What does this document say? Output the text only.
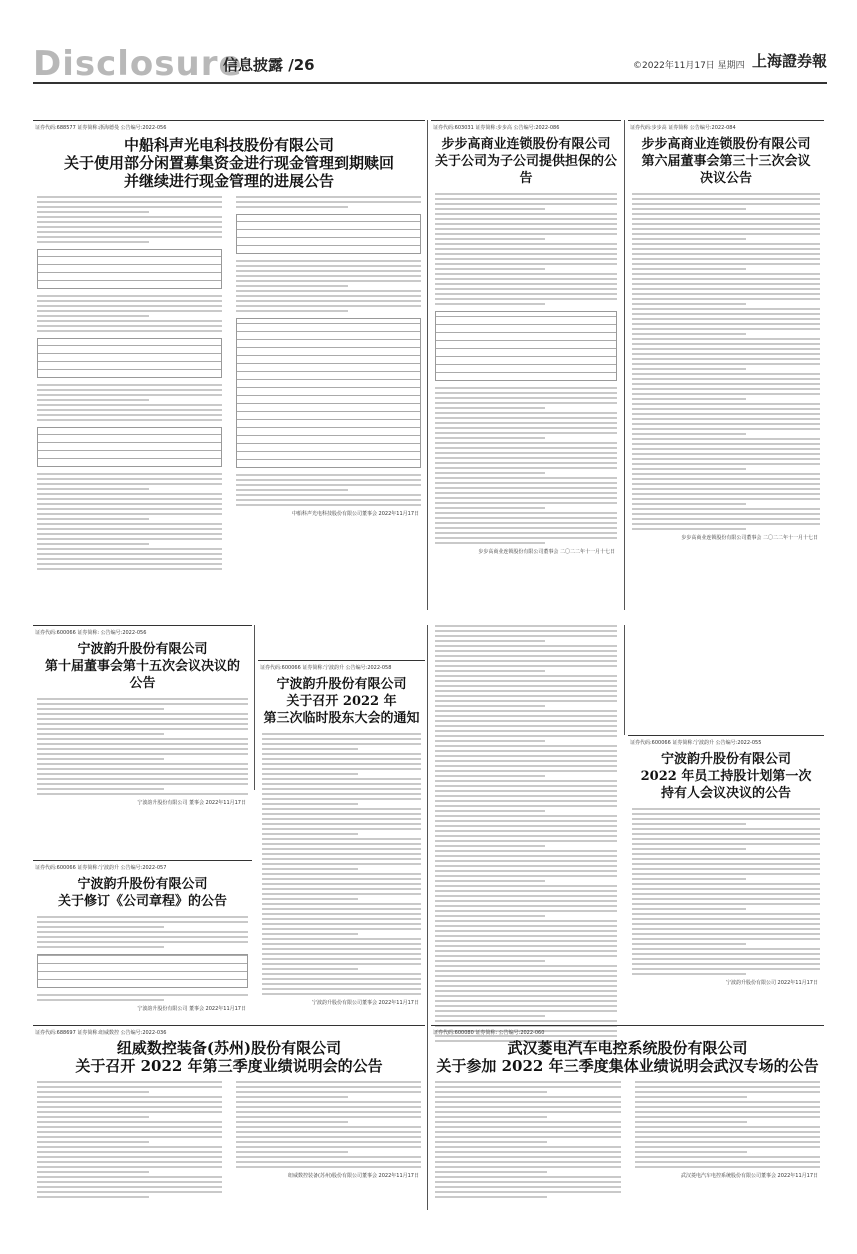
Disclosure
信息披露 /26	©2022年11月17日 星期四 上海證券報
证券代码:688577 证券简称:浙海德曼 公告编号:2022-056
中船科声光电科技股份有限公司
关于使用部分闲置募集资金进行现金管理到期赎回
并继续进行现金管理的进展公告
中船科声光电科技股份有限公司董事会 2022年11月17日
证券代码:603031 证券简称:步步高 公告编号:2022-086
步步高商业连锁股份有限公司
关于公司为子公司提供担保的公告
步步高商业连锁股份有限公司董事会 二〇二二年十一月十七日
证券代码:步步高 证券简称 公告编号:2022-084
步步高商业连锁股份有限公司
第六届董事会第三十三次会议
决议公告
步步高商业连锁股份有限公司董事会 二〇二二年十一月十七日
证券代码:600066 证券简称: 公告编号:2022-056
宁波韵升股份有限公司
第十届董事会第十五次会议决议的
公告
宁波韵升股份有限公司 董事会 2022年11月17日
证券代码:600066 证券简称:宁波韵升 公告编号:2022-057
宁波韵升股份有限公司
关于修订《公司章程》的公告
宁波韵升股份有限公司 董事会 2022年11月17日
证券代码:600066 证券简称:宁波韵升 公告编号:2022-058
宁波韵升股份有限公司
关于召开 2022 年
第三次临时股东大会的通知
宁波韵升股份有限公司董事会 2022年11月17日
证券代码:600066 证券简称:宁波韵升 公告编号:2022-055
宁波韵升股份有限公司
2022 年员工持股计划第一次
持有人会议决议的公告
宁波韵升股份有限公司 2022年11月17日
证券代码:688697 证券简称:纽威数控 公告编号:2022-036
纽威数控装备(苏州)股份有限公司
关于召开 2022 年第三季度业绩说明会的公告
纽威数控装备(苏州)股份有限公司董事会 2022年11月17日
证券代码:600080 证券简称: 公告编号:2022-060
武汉菱电汽车电控系统股份有限公司
关于参加 2022 年三季度集体业绩说明会武汉专场的公告
武汉菱电汽车电控系统股份有限公司董事会 2022年11月17日
